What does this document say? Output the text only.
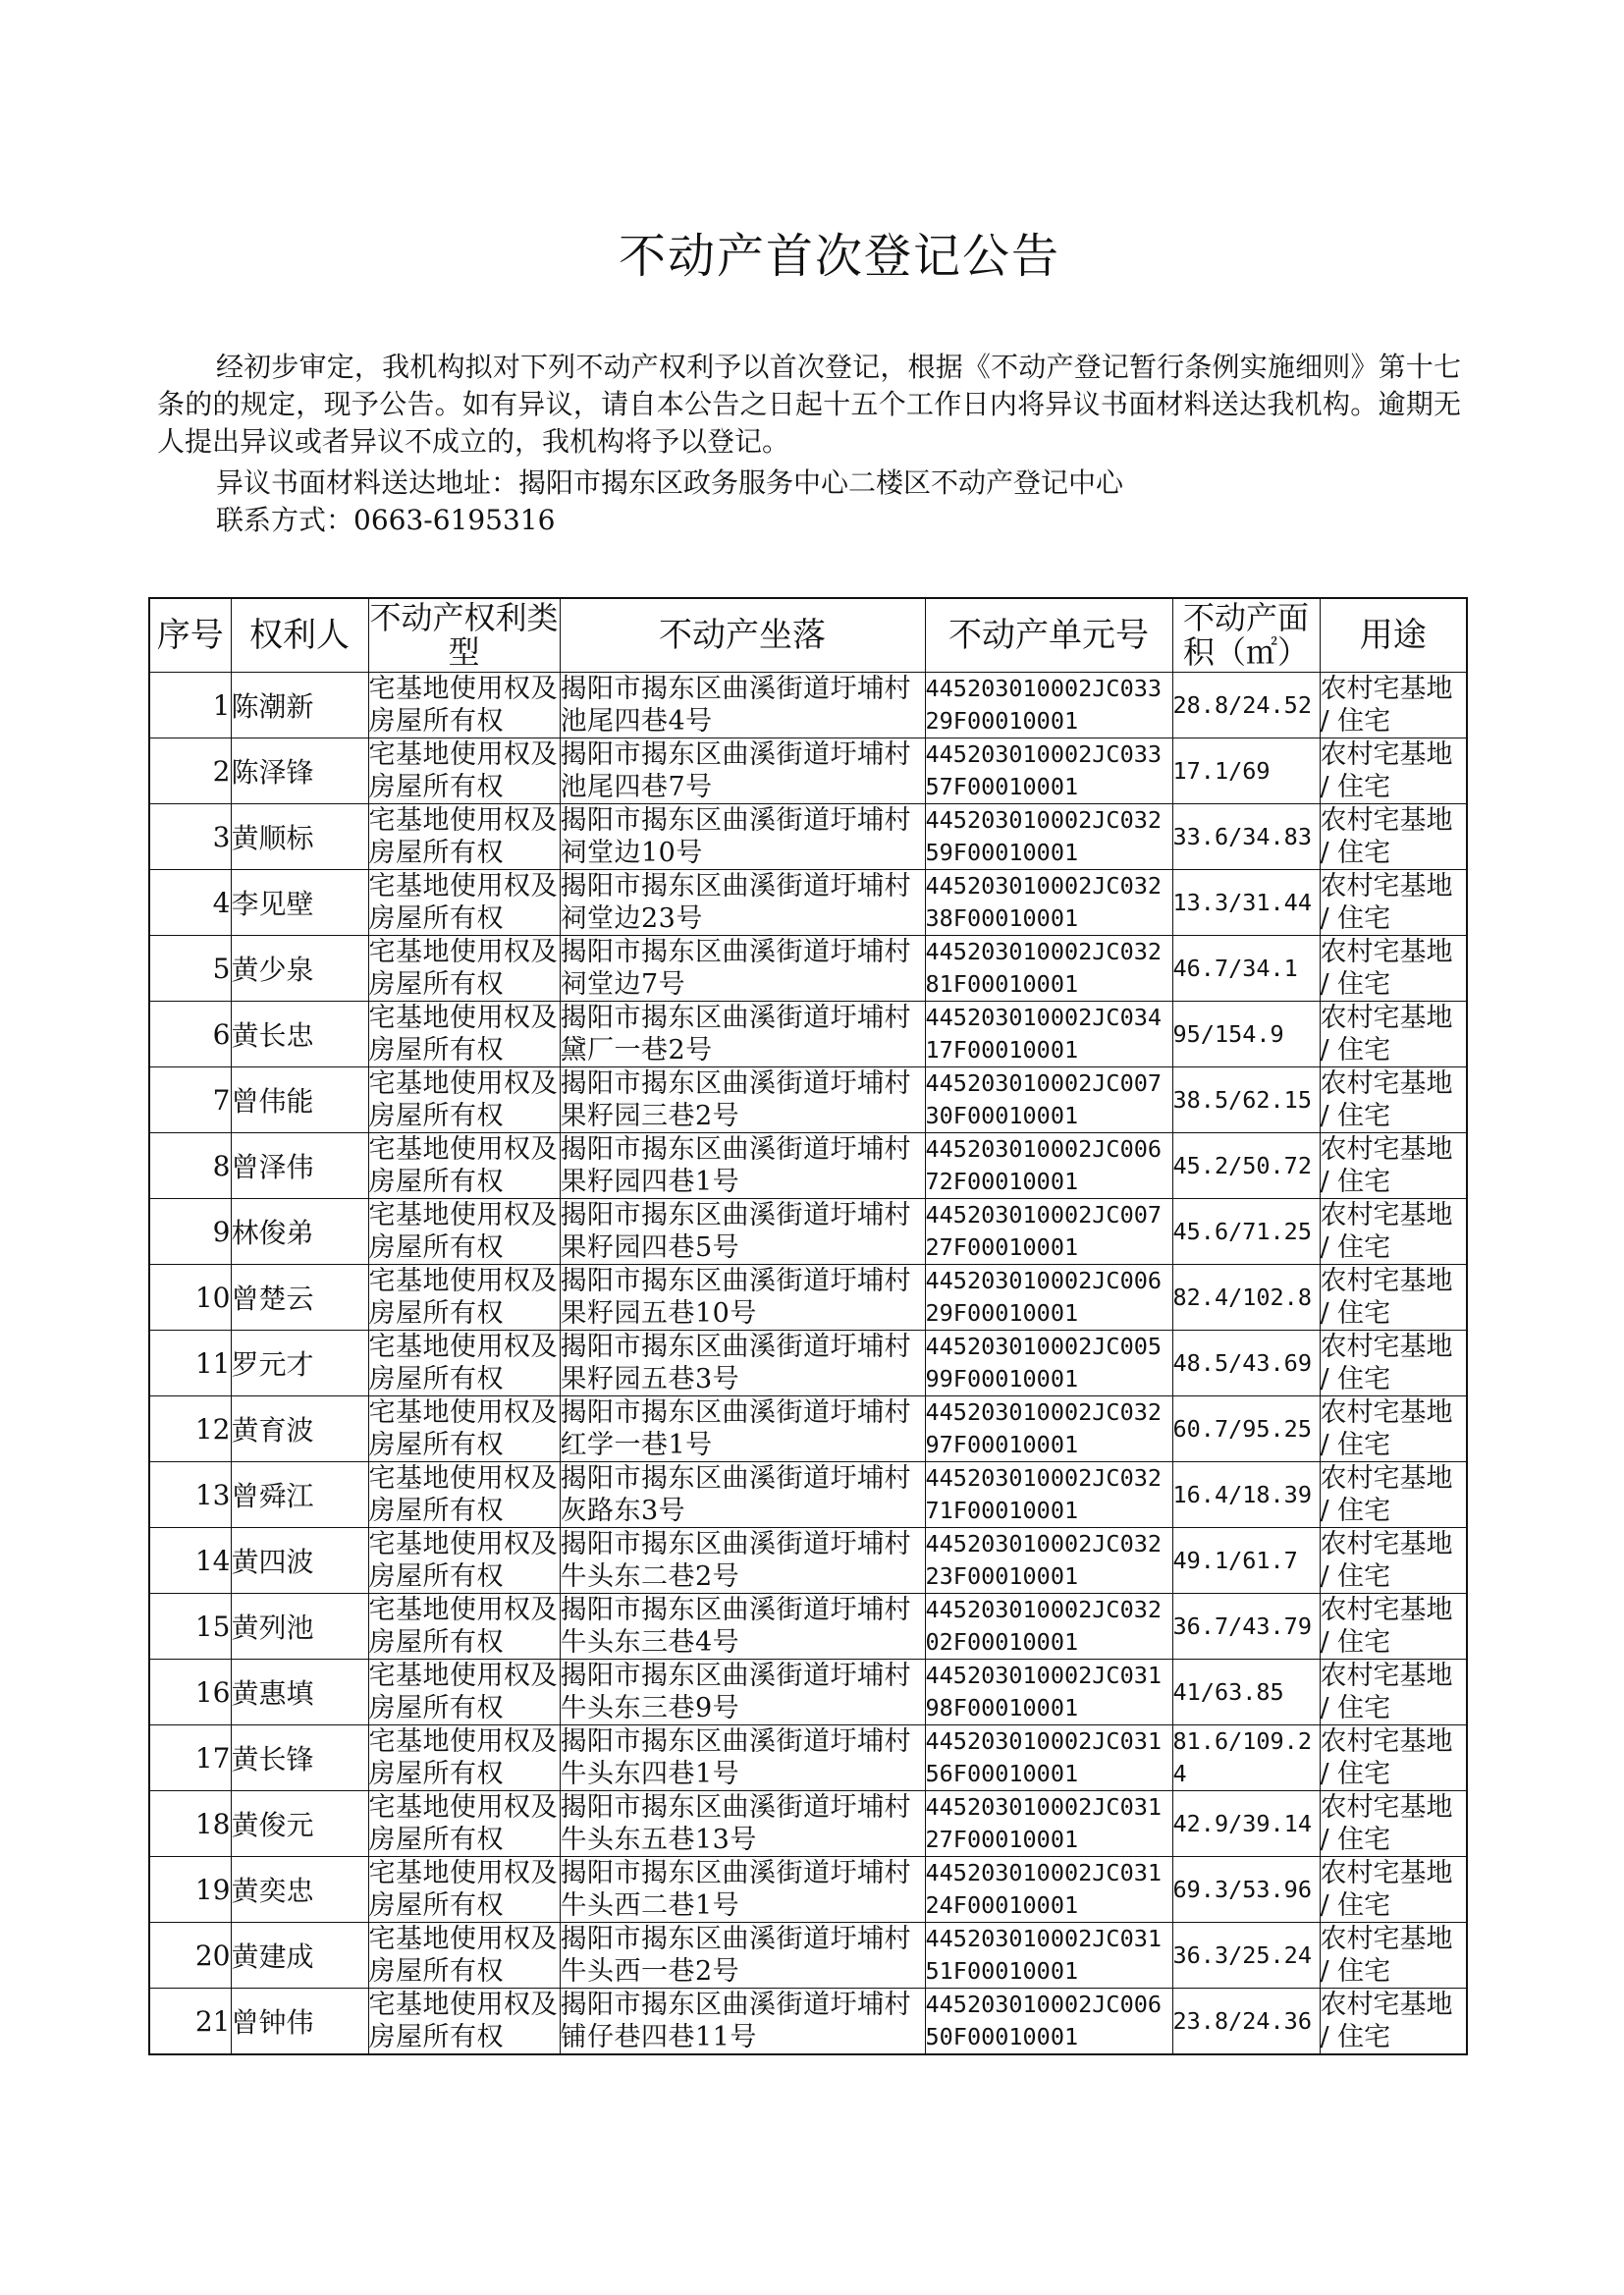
不动产首次登记公告
经初步审定，我机构拟对下列不动产权利予以首次登记，根据《不动产登记暂行条例实施细则》第十七条的的规定，现予公告。如有异议，请自本公告之日起十五个工作日内将异议书面材料送达我机构。逾期无人提出异议或者异议不成立的，我机构将予以登记。
异议书面材料送达地址：揭阳市揭东区政务服务中心二楼区不动产登记中心
联系方式：0663-6195316
序号	权利人	不动产权利类型	不动产坐落	不动产单元号	不动产面积（㎡）	用途
1	陈潮新	宅基地使用权及房屋所有权	揭阳市揭东区曲溪街道圩埔村池尾四巷4号	445203010002JC03329F00010001	28.8/24.52	农村宅基地 / 住宅
2	陈泽锋	宅基地使用权及房屋所有权	揭阳市揭东区曲溪街道圩埔村池尾四巷7号	445203010002JC03357F00010001	17.1/69	农村宅基地 / 住宅
3	黄顺标	宅基地使用权及房屋所有权	揭阳市揭东区曲溪街道圩埔村祠堂边10号	445203010002JC03259F00010001	33.6/34.83	农村宅基地 / 住宅
4	李见壁	宅基地使用权及房屋所有权	揭阳市揭东区曲溪街道圩埔村祠堂边23号	445203010002JC03238F00010001	13.3/31.44	农村宅基地 / 住宅
5	黄少泉	宅基地使用权及房屋所有权	揭阳市揭东区曲溪街道圩埔村祠堂边7号	445203010002JC03281F00010001	46.7/34.1	农村宅基地 / 住宅
6	黄长忠	宅基地使用权及房屋所有权	揭阳市揭东区曲溪街道圩埔村黛厂一巷2号	445203010002JC03417F00010001	95/154.9	农村宅基地 / 住宅
7	曾伟能	宅基地使用权及房屋所有权	揭阳市揭东区曲溪街道圩埔村果籽园三巷2号	445203010002JC00730F00010001	38.5/62.15	农村宅基地 / 住宅
8	曾泽伟	宅基地使用权及房屋所有权	揭阳市揭东区曲溪街道圩埔村果籽园四巷1号	445203010002JC00672F00010001	45.2/50.72	农村宅基地 / 住宅
9	林俊弟	宅基地使用权及房屋所有权	揭阳市揭东区曲溪街道圩埔村果籽园四巷5号	445203010002JC00727F00010001	45.6/71.25	农村宅基地 / 住宅
10	曾楚云	宅基地使用权及房屋所有权	揭阳市揭东区曲溪街道圩埔村果籽园五巷10号	445203010002JC00629F00010001	82.4/102.8	农村宅基地 / 住宅
11	罗元才	宅基地使用权及房屋所有权	揭阳市揭东区曲溪街道圩埔村果籽园五巷3号	445203010002JC00599F00010001	48.5/43.69	农村宅基地 / 住宅
12	黄育波	宅基地使用权及房屋所有权	揭阳市揭东区曲溪街道圩埔村红学一巷1号	445203010002JC03297F00010001	60.7/95.25	农村宅基地 / 住宅
13	曾舜江	宅基地使用权及房屋所有权	揭阳市揭东区曲溪街道圩埔村灰路东3号	445203010002JC03271F00010001	16.4/18.39	农村宅基地 / 住宅
14	黄四波	宅基地使用权及房屋所有权	揭阳市揭东区曲溪街道圩埔村牛头东二巷2号	445203010002JC03223F00010001	49.1/61.7	农村宅基地 / 住宅
15	黄列池	宅基地使用权及房屋所有权	揭阳市揭东区曲溪街道圩埔村牛头东三巷4号	445203010002JC03202F00010001	36.7/43.79	农村宅基地 / 住宅
16	黄惠填	宅基地使用权及房屋所有权	揭阳市揭东区曲溪街道圩埔村牛头东三巷9号	445203010002JC03198F00010001	41/63.85	农村宅基地 / 住宅
17	黄长锋	宅基地使用权及房屋所有权	揭阳市揭东区曲溪街道圩埔村牛头东四巷1号	445203010002JC03156F00010001	81.6/109.24	农村宅基地 / 住宅
18	黄俊元	宅基地使用权及房屋所有权	揭阳市揭东区曲溪街道圩埔村牛头东五巷13号	445203010002JC03127F00010001	42.9/39.14	农村宅基地 / 住宅
19	黄奕忠	宅基地使用权及房屋所有权	揭阳市揭东区曲溪街道圩埔村牛头西二巷1号	445203010002JC03124F00010001	69.3/53.96	农村宅基地 / 住宅
20	黄建成	宅基地使用权及房屋所有权	揭阳市揭东区曲溪街道圩埔村牛头西一巷2号	445203010002JC03151F00010001	36.3/25.24	农村宅基地 / 住宅
21	曾钟伟	宅基地使用权及房屋所有权	揭阳市揭东区曲溪街道圩埔村铺仔巷四巷11号	445203010002JC00650F00010001	23.8/24.36	农村宅基地 / 住宅
